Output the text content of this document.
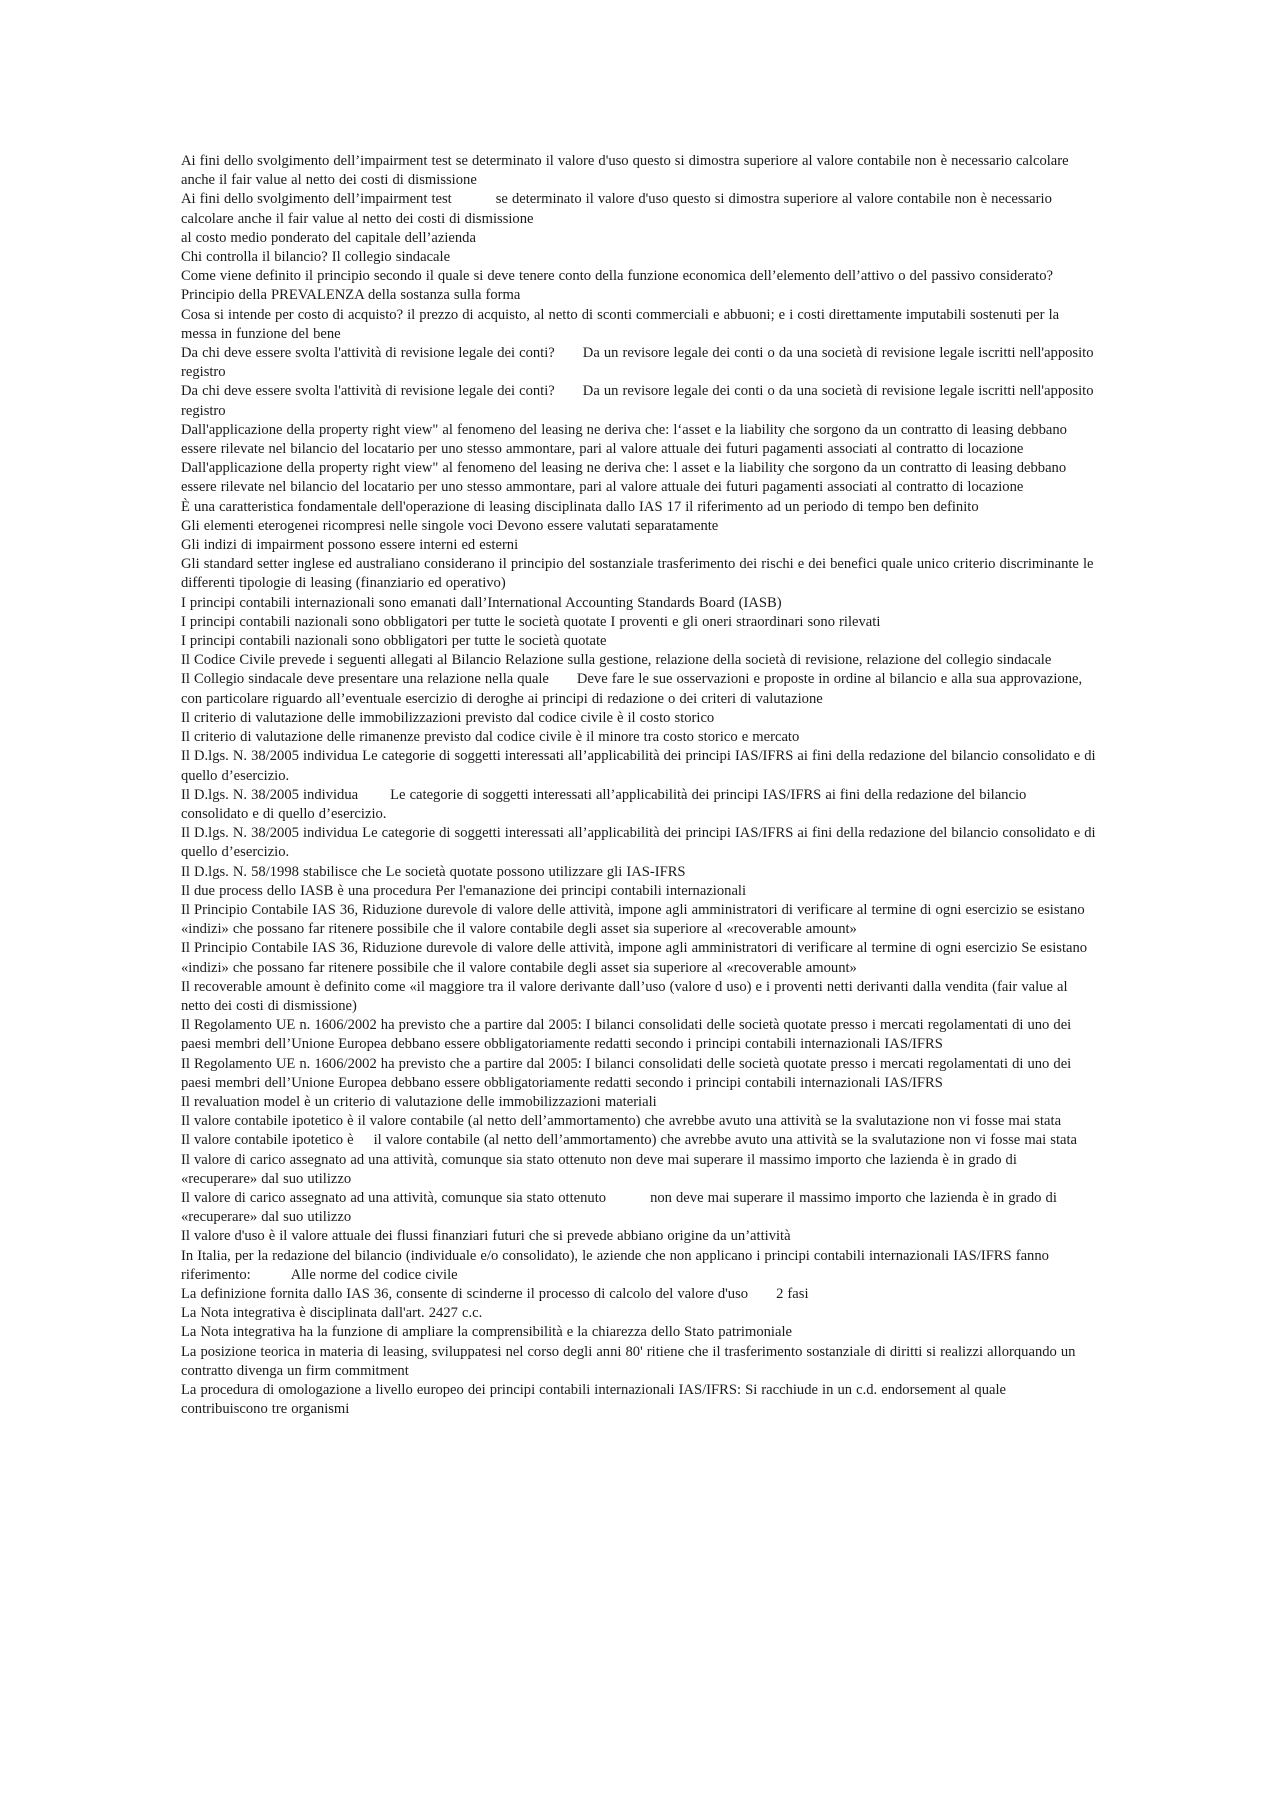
Ai fini dello svolgimento dell’impairment test se determinato il valore d'uso questo si dimostra superiore al valore contabile non è necessario calcolare anche il fair value al netto dei costi di dismissione

Ai fini dello svolgimento dell’impairment test	se determinato il valore d'uso questo si dimostra superiore al valore contabile non è necessario calcolare anche il fair value al netto dei costi di dismissione

al costo medio ponderato del capitale dell’azienda

Chi controlla il bilancio? Il collegio sindacale

Come viene definito il principio secondo il quale si deve tenere conto della funzione economica dell’elemento dell’attivo o del passivo considerato? Principio della PREVALENZA della sostanza sulla forma

Cosa si intende per costo di acquisto? il prezzo di acquisto, al netto di sconti commerciali e abbuoni; e i costi direttamente imputabili sostenuti per la messa in funzione del bene

Da chi deve essere svolta l'attività di revisione legale dei conti? Da un revisore legale dei conti o da una società di revisione legale iscritti nell'apposito registro

Da chi deve essere svolta l'attività di revisione legale dei conti? Da un revisore legale dei conti o da una società di revisione legale iscritti nell'apposito registro

Dall'applicazione della property right view" al fenomeno del leasing ne deriva che: l‘asset e la liability che sorgono da un contratto di leasing debbano essere rilevate nel bilancio del locatario per uno stesso ammontare, pari al valore attuale dei futuri pagamenti associati al contratto di locazione

Dall'applicazione della property right view" al fenomeno del leasing ne deriva che: l asset e la liability che sorgono da un contratto di leasing debbano essere rilevate nel bilancio del locatario per uno stesso ammontare, pari al valore attuale dei futuri pagamenti associati al contratto di locazione

È una caratteristica fondamentale dell'operazione di leasing disciplinata dallo IAS 17 il riferimento ad un periodo di tempo ben definito

Gli elementi eterogenei ricompresi nelle singole voci Devono essere valutati separatamente

Gli indizi di impairment possono essere interni ed esterni

Gli standard setter inglese ed australiano considerano il principio del sostanziale trasferimento dei rischi e dei benefici quale unico criterio discriminante le differenti tipologie di leasing (finanziario ed operativo)

I principi contabili internazionali sono emanati dall’International Accounting Standards Board (IASB)

I principi contabili nazionali sono obbligatori per tutte le società quotate I proventi e gli oneri straordinari sono rilevati

I principi contabili nazionali sono obbligatori per tutte le società quotate

Il Codice Civile prevede i seguenti allegati al Bilancio Relazione sulla gestione, relazione della società di revisione, relazione del collegio sindacale

Il Collegio sindacale deve presentare una relazione nella quale Deve fare le sue osservazioni e proposte in ordine al bilancio e alla sua approvazione, con particolare riguardo all’eventuale esercizio di deroghe ai principi di redazione o dei criteri di valutazione

Il criterio di valutazione delle immobilizzazioni previsto dal codice civile è il costo storico

Il criterio di valutazione delle rimanenze previsto dal codice civile è il minore tra costo storico e mercato

Il D.lgs. N. 38/2005 individua Le categorie di soggetti interessati all’applicabilità dei principi IAS/IFRS ai fini della redazione del bilancio consolidato e di quello d’esercizio.

Il D.lgs. N. 38/2005 individua Le categorie di soggetti interessati all’applicabilità dei principi IAS/IFRS ai fini della redazione del bilancio consolidato e di quello d’esercizio.

Il D.lgs. N. 38/2005 individua Le categorie di soggetti interessati all’applicabilità dei principi IAS/IFRS ai fini della redazione del bilancio consolidato e di quello d’esercizio.

Il D.lgs. N. 58/1998 stabilisce che Le società quotate possono utilizzare gli IAS-IFRS

Il due process dello IASB è una procedura Per l'emanazione dei principi contabili internazionali

Il Principio Contabile IAS 36, Riduzione durevole di valore delle attività, impone agli amministratori di verificare al termine di ogni esercizio se esistano «indizi» che possano far ritenere possibile che il valore contabile degli asset sia superiore al «recoverable amount»

Il Principio Contabile IAS 36, Riduzione durevole di valore delle attività, impone agli amministratori di verificare al termine di ogni esercizio Se esistano «indizi» che possano far ritenere possibile che il valore contabile degli asset sia superiore al «recoverable amount»

Il recoverable amount è definito come «il maggiore tra il valore derivante dall’uso (valore d uso) e i proventi netti derivanti dalla vendita (fair value al netto dei costi di dismissione)

Il Regolamento UE n. 1606/2002 ha previsto che a partire dal 2005: I bilanci consolidati delle società quotate presso i mercati regolamentati di uno dei paesi membri dell’Unione Europea debbano essere obbligatoriamente redatti secondo i principi contabili internazionali IAS/IFRS

Il Regolamento UE n. 1606/2002 ha previsto che a partire dal 2005: I bilanci consolidati delle società quotate presso i mercati regolamentati di uno dei paesi membri dell’Unione Europea debbano essere obbligatoriamente redatti secondo i principi contabili internazionali IAS/IFRS

Il revaluation model è un criterio di valutazione delle immobilizzazioni materiali

Il valore contabile ipotetico è il valore contabile (al netto dell’ammortamento) che avrebbe avuto una attività se la svalutazione non vi fosse mai stata

Il valore contabile ipotetico è il valore contabile (al netto dell’ammortamento) che avrebbe avuto una attività se la svalutazione non vi fosse mai stata

Il valore di carico assegnato ad una attività, comunque sia stato ottenuto non deve mai superare il massimo importo che lazienda è in grado di «recuperare» dal suo utilizzo

Il valore di carico assegnato ad una attività, comunque sia stato ottenuto	non deve mai superare il massimo importo che lazienda è in grado di «recuperare» dal suo utilizzo

Il valore d'uso è il valore attuale dei flussi finanziari futuri che si prevede abbiano origine da un’attività

In Italia, per la redazione del bilancio (individuale e/o consolidato), le aziende che non applicano i principi contabili internazionali IAS/IFRS fanno riferimento:	Alle norme del codice civile

La definizione fornita dallo IAS 36, consente di scinderne il processo di calcolo del valore d'uso 2 fasi

La Nota integrativa è disciplinata dall'art. 2427 c.c.

La Nota integrativa ha la funzione di ampliare la comprensibilità e la chiarezza dello Stato patrimoniale

La posizione teorica in materia di leasing, sviluppatesi nel corso degli anni 80' ritiene che il trasferimento sostanziale di diritti si realizzi allorquando un contratto divenga un firm commitment

La procedura di omologazione a livello europeo dei principi contabili internazionali IAS/IFRS: Si racchiude in un c.d. endorsement al quale contribuiscono tre organismi
